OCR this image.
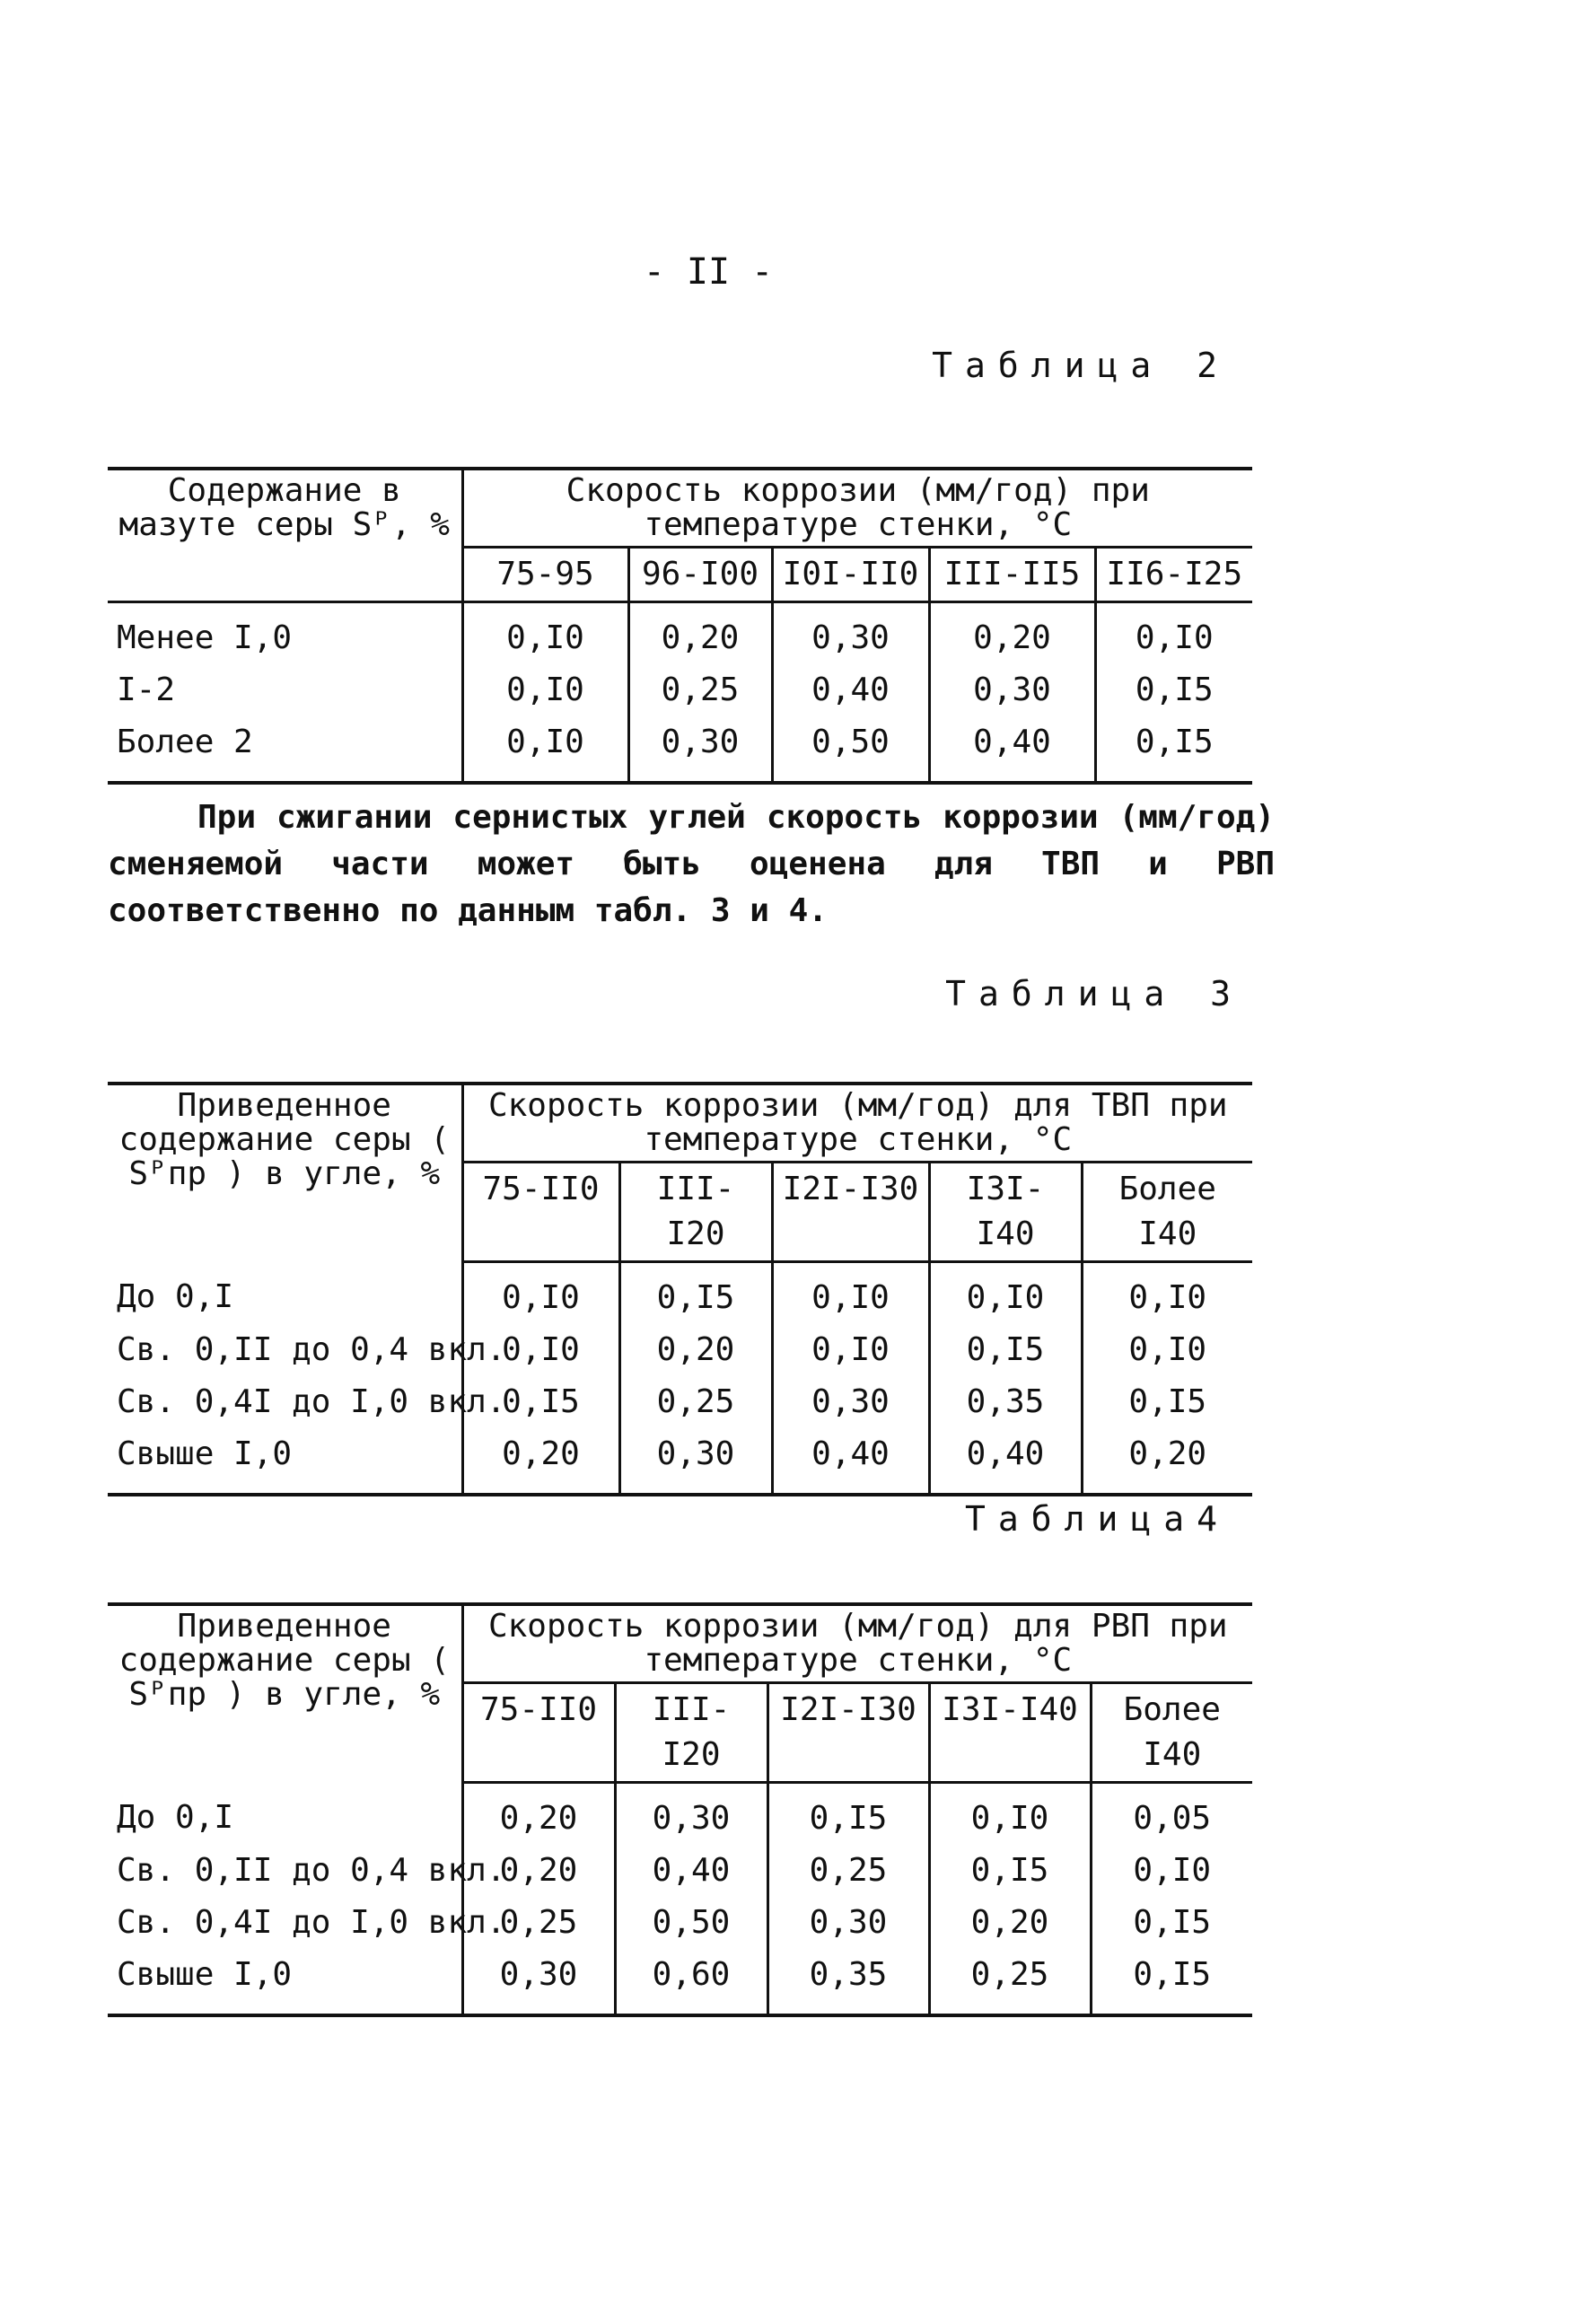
- II -
Таблица 2
Содержание в мазуте серы Sᴾ, %	Скорость коррозии (мм/год) при температуре стенки, °C				
	75-95	96-I00	I0I-II0	III-II5	II6-I25
Менее I,0	0,I0	0,20	0,30	0,20	0,I0
I-2	0,I0	0,25	0,40	0,30	0,I5
Более 2	0,I0	0,30	0,50	0,40	0,I5
При сжигании сернистых углей скорость коррозии (мм/год) сменяемой части может быть оценена для ТВП и РВП соответственно по данным табл. 3 и 4.
Таблица 3
Приведенное содержание серы ( Sᴾпр ) в угле, %	Скорость коррозии (мм/год) для ТВП при температуре стенки, °C				
	75-II0	III-I20	I2I-I30	I3I-I40	Более I40
До 0,I	0,I0	0,I5	0,I0	0,I0	0,I0
Св. 0,II до 0,4 вкл.	0,I0	0,20	0,I0	0,I5	0,I0
Св. 0,4I до I,0 вкл.	0,I5	0,25	0,30	0,35	0,I5
Свыше I,0	0,20	0,30	0,40	0,40	0,20
Таблица4
Приведенное содержание серы ( Sᴾпр ) в угле, %	Скорость коррозии (мм/год) для РВП при температуре стенки, °C				
	75-II0	III-I20	I2I-I30	I3I-I40	Более I40
До 0,I	0,20	0,30	0,I5	0,I0	0,05
Св. 0,II до 0,4 вкл.	0,20	0,40	0,25	0,I5	0,I0
Св. 0,4I до I,0 вкл.	0,25	0,50	0,30	0,20	0,I5
Свыше I,0	0,30	0,60	0,35	0,25	0,I5
